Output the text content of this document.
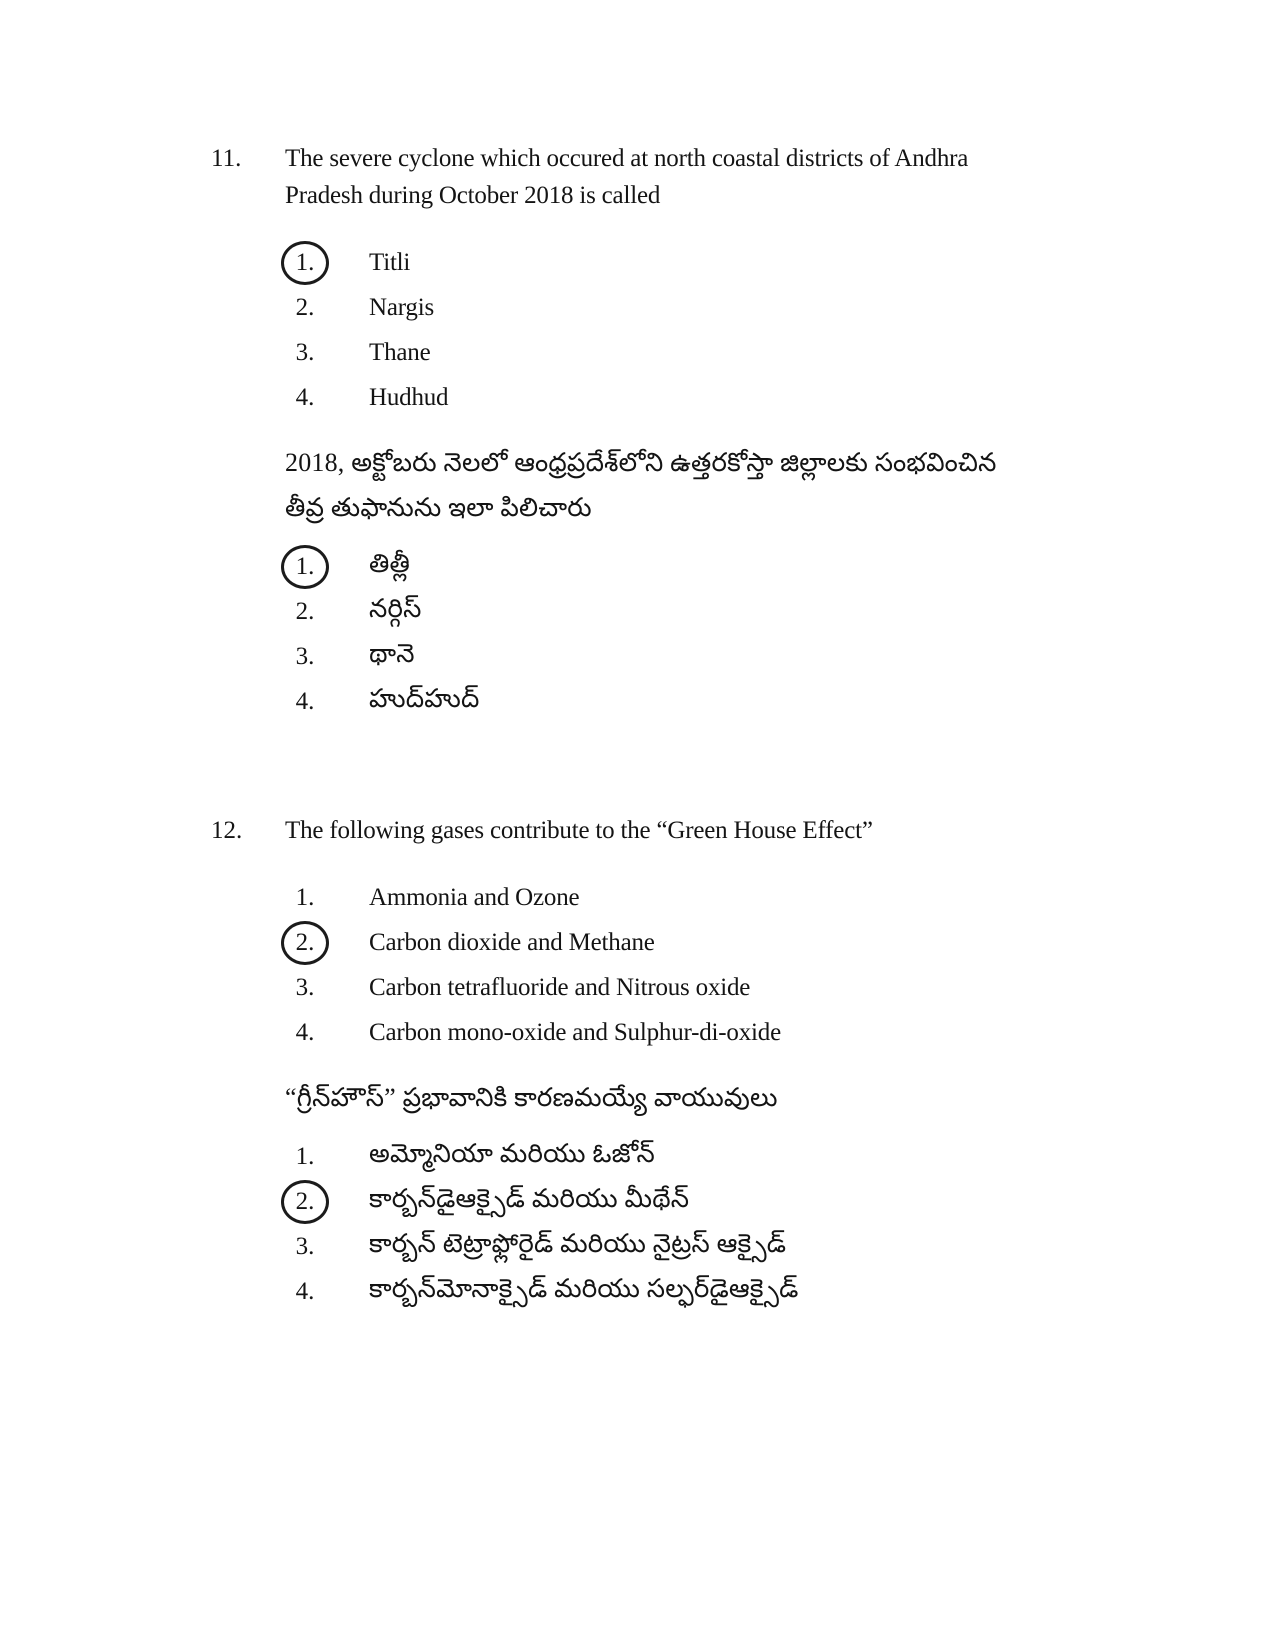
11.	The severe cyclone which occured at north coastal districts of Andhra Pradesh during October 2018 is called
1. Titli
2.	Nargis
3.	Thane
4.	Hudhud
2018, అక్టోబరు నెలలో ఆంధ్రప్రదేశ్‌లోని ఉత్తరకోస్తా జిల్లాలకు సంభవించిన తీవ్ర తుఫానును ఇలా పిలిచారు
1. తిత్లీ
2.	నర్గిస్
3.	థానె
4.	హుద్‌హుద్
12.	The following gases contribute to the “Green House Effect”
1.	Ammonia and Ozone
2. Carbon dioxide and Methane
3.	Carbon tetrafluoride and Nitrous oxide
4.	Carbon mono-oxide and Sulphur-di-oxide
“గ్రీన్‌హౌస్” ప్రభావానికి కారణమయ్యే వాయువులు
1.	అమ్మోనియా మరియు ఓజోన్
2. కార్బన్‌డైఆక్సైడ్ మరియు మీథేన్
3.	కార్బన్ టెట్రాఫ్లోరైడ్ మరియు నైట్రస్ ఆక్సైడ్
4.	కార్బన్‌మోనాక్సైడ్ మరియు సల్ఫర్‌డైఆక్సైడ్
